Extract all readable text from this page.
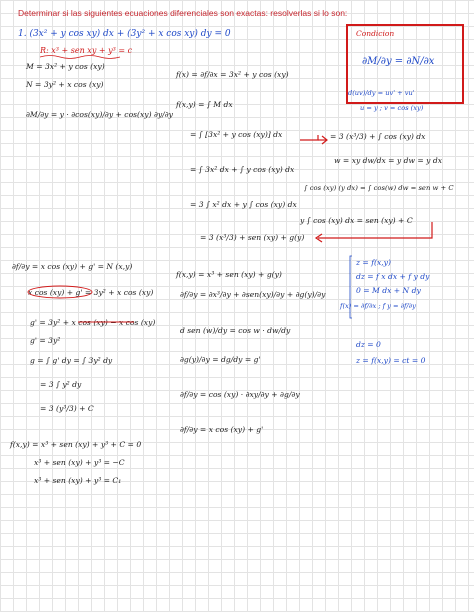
Determinar si las siguientes ecuaciones diferenciales son exactas: resolverlas si lo son:
1. (3x² + y cos xy) dx + (3y² + x cos xy) dy = 0
R: x³ + sen xy + y³ = c
M = 3x² + y cos (xy)
N = 3y² + x cos (xy)
∂M/∂y = y · ∂cos(xy)/∂y + cos(xy) ∂y/∂y
Condicion
∂M/∂y = ∂N/∂x
d(uv)/dy = uv' + vu'
u = y ; v = cos (xy)
f(x) = ∂f/∂x = 3x² + y cos (xy)
f(x,y) = ∫ M dx
= ∫ [3x² + y cos (xy)] dx
= ∫ 3x² dx + ∫ y cos (xy) dx
= 3 ∫ x² dx + y ∫ cos (xy) dx
= 3 (x³/3) + sen (xy) + g(y)
= 3 (x³/3) + ∫ cos (xy) dx
w = xy dw/dx = y dw = y dx
∫ cos (xy) (y dx) = ∫ cos(w) dw = sen w + C
y ∫ cos (xy) dx = sen (xy) + C
∂f/∂y = x cos (xy) + g' = N (x,y)
x cos (xy) + g' = 3y² + x cos (xy)
g' = 3y² + x cos (xy) − x cos (xy)
g' = 3y²
g = ∫ g' dy = ∫ 3y² dy
= 3 ∫ y² dy
= 3 (y³/3) + C
f(x,y) = x³ + sen (xy) + y³ + C = 0
x³ + sen (xy) + y³ = −C
x³ + sen (xy) + y³ = C₁
f(x,y) = x³ + sen (xy) + g(y)
∂f/∂y = ∂x³/∂y + ∂sen(xy)/∂y + ∂g(y)/∂y
d sen (w)/dy = cos w · dw/dy
∂g(y)/∂y = dg/dy = g'
∂f/∂y = cos (xy) · ∂xy/∂y + ∂g/∂y
∂f/∂y = x cos (xy) + g'
z = f(x,y)
dz = f x dx + f y dy
0 = M dx + N dy
f(x) = ∂f/∂x ; f y = ∂f/∂y
dz = 0
z = f(x,y) = ct = 0
